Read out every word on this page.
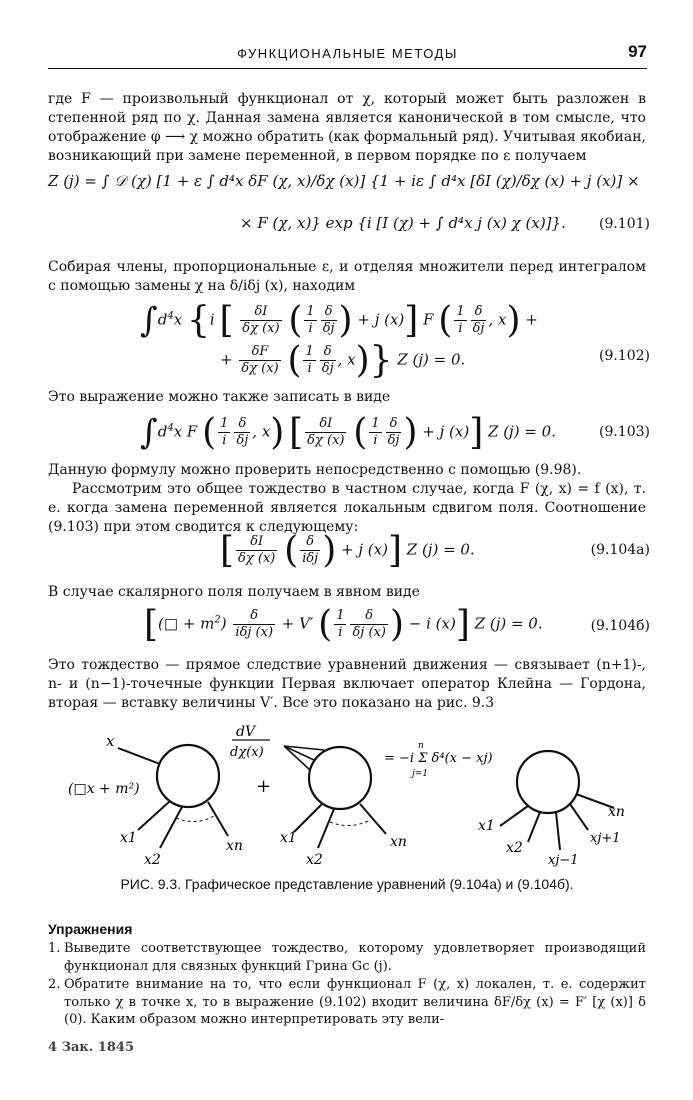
ФУНКЦИОНАЛЬНЫЕ МЕТОДЫ	97

где F — произвольный функционал от χ, который может быть разложен в степенной ряд по χ. Данная замена является канонической в том смысле, что отображение φ ⟶ χ можно обратить (как формальный ряд). Учитывая якобиан, возникающий при замене переменной, в первом порядке по ε получаем

Z (j) = ∫ 𝒟 (χ) [1 + ε ∫ d⁴x δF (χ, x)/δχ (x)] {1 + iε ∫ d⁴x [δI (χ)/δχ (x) + j (x)] ×
× F (χ, x)} exp {i [I (χ) + ∫ d⁴x j (x) χ (x)]}. (9.101)

Собирая члены, пропорциональные ε, и отделяя множители перед интегралом с помощью замены χ на δ/iδj (x), находим

$\int d^4x$ {i [ $\frac{\delta I}{\delta\chi (x)}$ ( $\frac{1}{i} \frac{\delta}{\delta j}$ ) + j (x)] F ( $\frac{1}{i} \frac{\delta}{\delta j}$ , x) +
+ $\frac{\delta F}{\delta\chi (x)}$ ( $\frac{1}{i} \frac{\delta}{\delta j}$ , x)} Z (j) = 0.	(9.102)

Это выражение можно также записать в виде

$\int d^4x$ F ( $\frac{1}{i} \frac{\delta}{\delta j}$ , x) [ $\frac{\delta I}{\delta\chi (x)}$ ( $\frac{1}{i} \frac{\delta}{\delta j}$ ) + j (x)] Z (j) = 0.	(9.103)

Данную формулу можно проверить непосредственно с помощью (9.98).

Рассмотрим это общее тождество в частном случае, когда F (χ, x) = f (x), т. е. когда замена переменной является локальным сдвигом поля. Соотношение (9.103) при этом сводится к следующему:

[ $\frac{\delta I}{\delta\chi (x)}$ ( $\frac{\delta}{\text{iδj}}$ ) + j (x)] Z (j) = 0.	(9.104а)

В случае скалярного поля получаем в явном виде

[(□ + $m^2) \frac{\delta}{\text{iδj (x)}} + V'$ ( $\frac{1}{i} \frac{\delta}{\delta j (x)}$ ) − i (x)] Z (j) = 0.	(9.104б)

Это тождество — прямое следствие уравнений движения — связывает (n+1)-, n- и (n−1)-точечные функции Первая включает оператор Клейна — Гордона, вторая — вставку величины V′. Все это показано на рис. 9.3

x
(□x + m²)
x1
x2
xn
+
dV
dχ(x)
x1
x2
xn
n
= −i Σ δ⁴(x − xj)
j=1
x1
x2
xj−1
xj+1
xn
РИС. 9.3. Графическое представление уравнений (9.104а) и (9.104б).
Упражнения
1. Выведите соответствующее тождество, которому удовлетворяет производящий функционал для связных функций Грина Gc (j).
2. Обратите внимание на то, что если функционал F (χ, x) локален, т. е. содержит только χ в точке x, то в выражение (9.102) входит величина δF/δχ (x) = F′ [χ (x)] δ (0). Каким образом можно интерпретировать эту вели-
4 Зак. 1845
